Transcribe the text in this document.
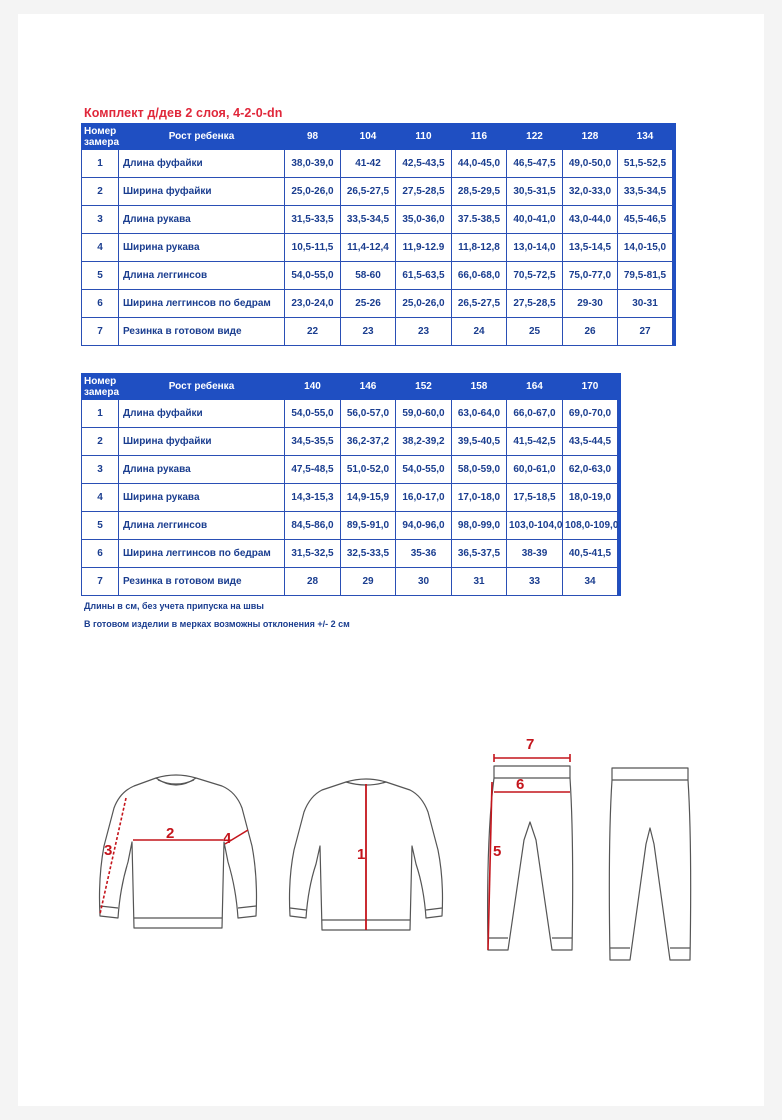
Комплект д/дев 2 слоя, 4-2-0-dn
Номер
замера	Рост ребенка	98	104	110	116	122	128	134	
1	Длина фуфайки	38,0-39,0	41-42	42,5-43,5	44,0-45,0	46,5-47,5	49,0-50,0	51,5-52,5	
2	Ширина фуфайки	25,0-26,0	26,5-27,5	27,5-28,5	28,5-29,5	30,5-31,5	32,0-33,0	33,5-34,5	
3	Длина рукава	31,5-33,5	33,5-34,5	35,0-36,0	37.5-38,5	40,0-41,0	43,0-44,0	45,5-46,5	
4	Ширина рукава	10,5-11,5	11,4-12,4	11,9-12.9	11,8-12,8	13,0-14,0	13,5-14,5	14,0-15,0	
5	Длина леггинсов	54,0-55,0	58-60	61,5-63,5	66,0-68,0	70,5-72,5	75,0-77,0	79,5-81,5	
6	Ширина леггинсов по бедрам	23,0-24,0	25-26	25,0-26,0	26,5-27,5	27,5-28,5	29-30	30-31	
7	Резинка в готовом виде	22	23	23	24	25	26	27	
Номер
замера	Рост ребенка	140	146	152	158	164	170	
1	Длина фуфайки	54,0-55,0	56,0-57,0	59,0-60,0	63,0-64,0	66,0-67,0	69,0-70,0	
2	Ширина фуфайки	34,5-35,5	36,2-37,2	38,2-39,2	39,5-40,5	41,5-42,5	43,5-44,5	
3	Длина рукава	47,5-48,5	51,0-52,0	54,0-55,0	58,0-59,0	60,0-61,0	62,0-63,0	
4	Ширина рукава	14,3-15,3	14,9-15,9	16,0-17,0	17,0-18,0	17,5-18,5	18,0-19,0	
5	Длина леггинсов	84,5-86,0	89,5-91,0	94,0-96,0	98,0-99,0	103,0-104,0	108,0-109,0	
6	Ширина леггинсов по бедрам	31,5-32,5	32,5-33,5	35-36	36,5-37,5	38-39	40,5-41,5	
7	Резинка в готовом виде	28	29	30	31	33	34	
Длины в см, без учета припуска на швы
В готовом изделии в мерках возможны отклонения +/- 2 см
3
2	4
1
7
6
5
